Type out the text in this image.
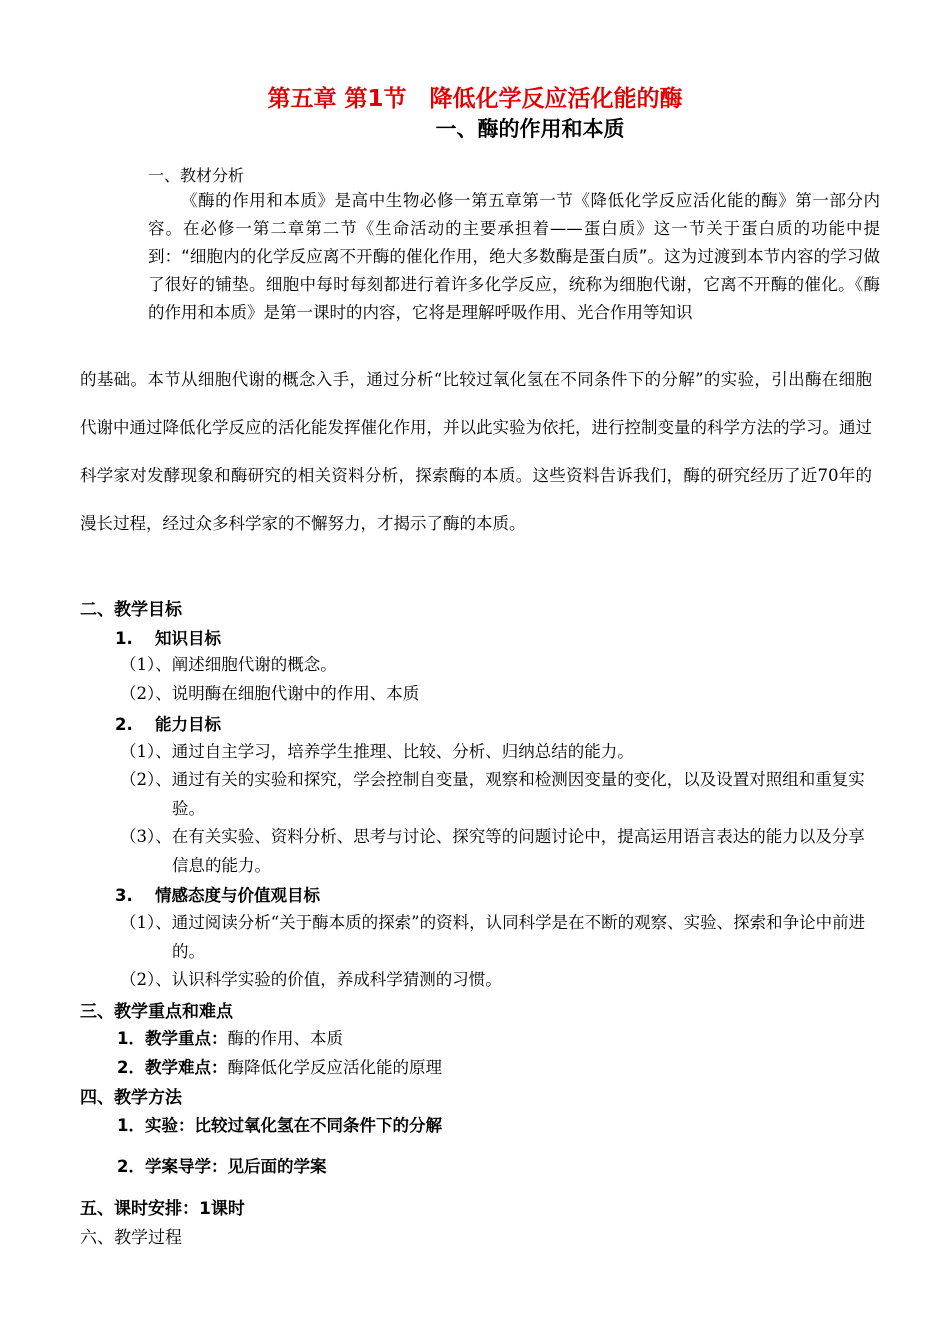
第五章 第1节　降低化学反应活化能的酶
一、酶的作用和本质
一、教材分析
《酶的作用和本质》是高中生物必修一第五章第一节《降低化学反应活化能的酶》第一部分内容。在必修一第二章第二节《生命活动的主要承担着——蛋白质》这一节关于蛋白质的功能中提到：“细胞内的化学反应离不开酶的催化作用，绝大多数酶是蛋白质”。这为过渡到本节内容的学习做了很好的铺垫。细胞中每时每刻都进行着许多化学反应，统称为细胞代谢，它离不开酶的催化。《酶的作用和本质》是第一课时的内容，它将是理解呼吸作用、光合作用等知识
的基础。本节从细胞代谢的概念入手，通过分析“比较过氧化氢在不同条件下的分解”的实验，引出酶在细胞代谢中通过降低化学反应的活化能发挥催化作用，并以此实验为依托，进行控制变量的科学方法的学习。通过科学家对发酵现象和酶研究的相关资料分析，探索酶的本质。这些资料告诉我们，酶的研究经历了近70年的漫长过程，经过众多科学家的不懈努力，才揭示了酶的本质。
二、教学目标
1. 知识目标
（1）、阐述细胞代谢的概念。
（2）、说明酶在细胞代谢中的作用、本质
2. 能力目标
（1）、通过自主学习，培养学生推理、比较、分析、归纳总结的能力。
（2）、通过有关的实验和探究，学会控制自变量，观察和检测因变量的变化，以及设置对照组和重复实验。
（3）、在有关实验、资料分析、思考与讨论、探究等的问题讨论中，提高运用语言表达的能力以及分享信息的能力。
3. 情感态度与价值观目标
（1）、通过阅读分析“关于酶本质的探索”的资料，认同科学是在不断的观察、实验、探索和争论中前进的。
（2）、认识科学实验的价值，养成科学猜测的习惯。
三、教学重点和难点
1．教学重点：酶的作用、本质
2．教学难点：酶降低化学反应活化能的原理
四、教学方法
1．实验：比较过氧化氢在不同条件下的分解
2．学案导学：见后面的学案
五、课时安排：1课时
六、教学过程
